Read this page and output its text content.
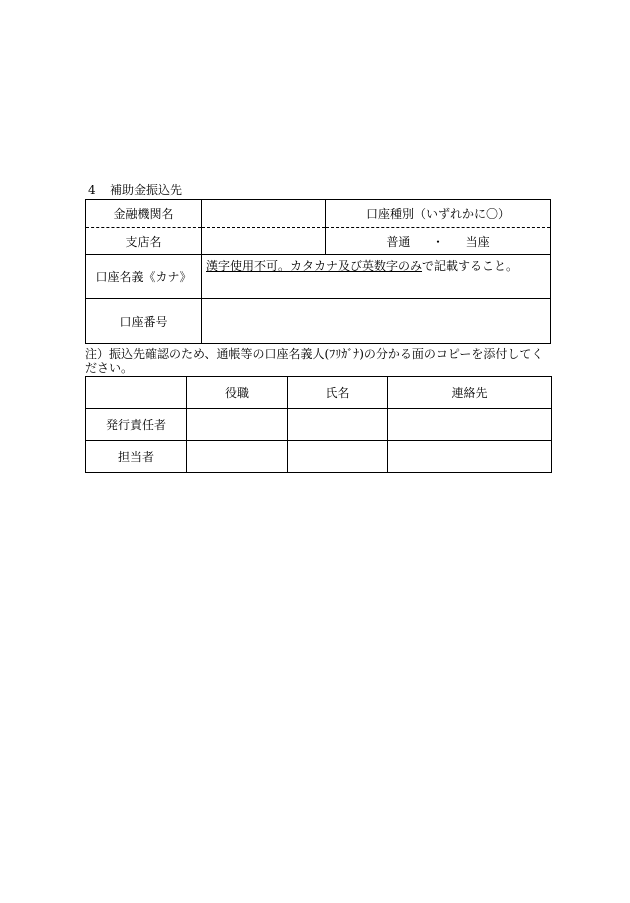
4 補助金振込先
金融機関名		口座種別（いずれかに〇）
支店名		普通 ・ 当座
口座名義《カナ》	漢字使用不可。カタカナ及び英数字のみで記載すること。	
口座番号		
注）振込先確認のため、通帳等の口座名義人(ﾌﾘｶﾞﾅ)の分かる面のコピーを添付してください。
	役職	氏名	連絡先
発行責任者			
担当者			
